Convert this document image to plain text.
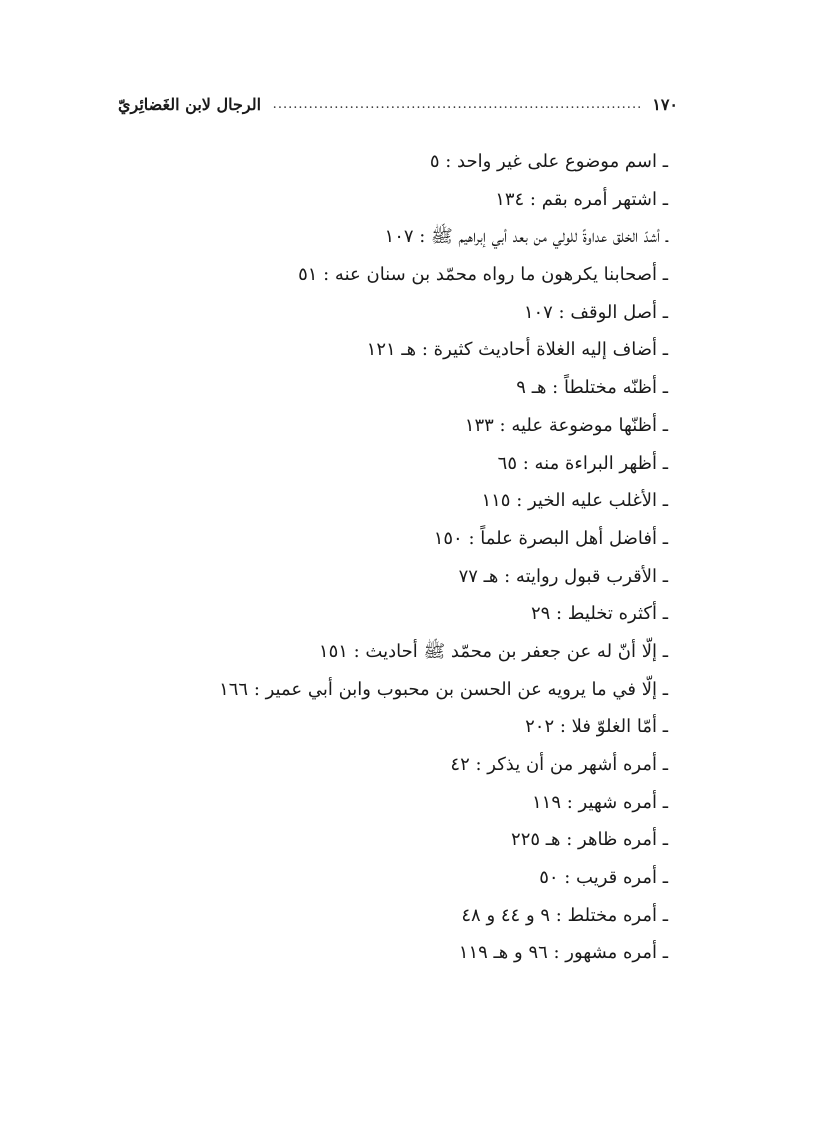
١٧٠
.....
الرجال لابن الغَضائِريّ
ـ اسم موضوع على غير واحد : ٥
ـ اشتهر أمره بقم : ١٣٤
ـ أشدّ الخلق عداوةً للولي من بعد أبي إبراهيم ﷺ : ١٠٧
ـ أصحابنا يكرهون ما رواه محمّد بن سنان عنه : ٥١
ـ أصل الوقف : ١٠٧
ـ أضاف إليه الغلاة أحاديث كثيرة : هـ ١٢١
ـ أظنّه مختلطاً : هـ ٩
ـ أظنّها موضوعة عليه : ١٣٣
ـ أظهر البراءة منه : ٦٥
ـ الأغلب عليه الخير : ١١٥
ـ أفاضل أهل البصرة علماً : ١٥٠
ـ الأقرب قبول روايته : هـ ٧٧
ـ أكثره تخليط : ٢٩
ـ إلّا أنّ له عن جعفر بن محمّد ﷺ أحاديث : ١٥١
ـ إلّا في ما يرويه عن الحسن بن محبوب وابن أبي عمير : ١٦٦
ـ أمّا الغلوّ فلا : ٢٠٢
ـ أمره أشهر من أن يذكر : ٤٢
ـ أمره شهير : ١١٩
ـ أمره ظاهر : هـ ٢٢٥
ـ أمره قريب : ٥٠
ـ أمره مختلط : ٩ و ٤٤ و ٤٨
ـ أمره مشهور : ٩٦ و هـ ١١٩
